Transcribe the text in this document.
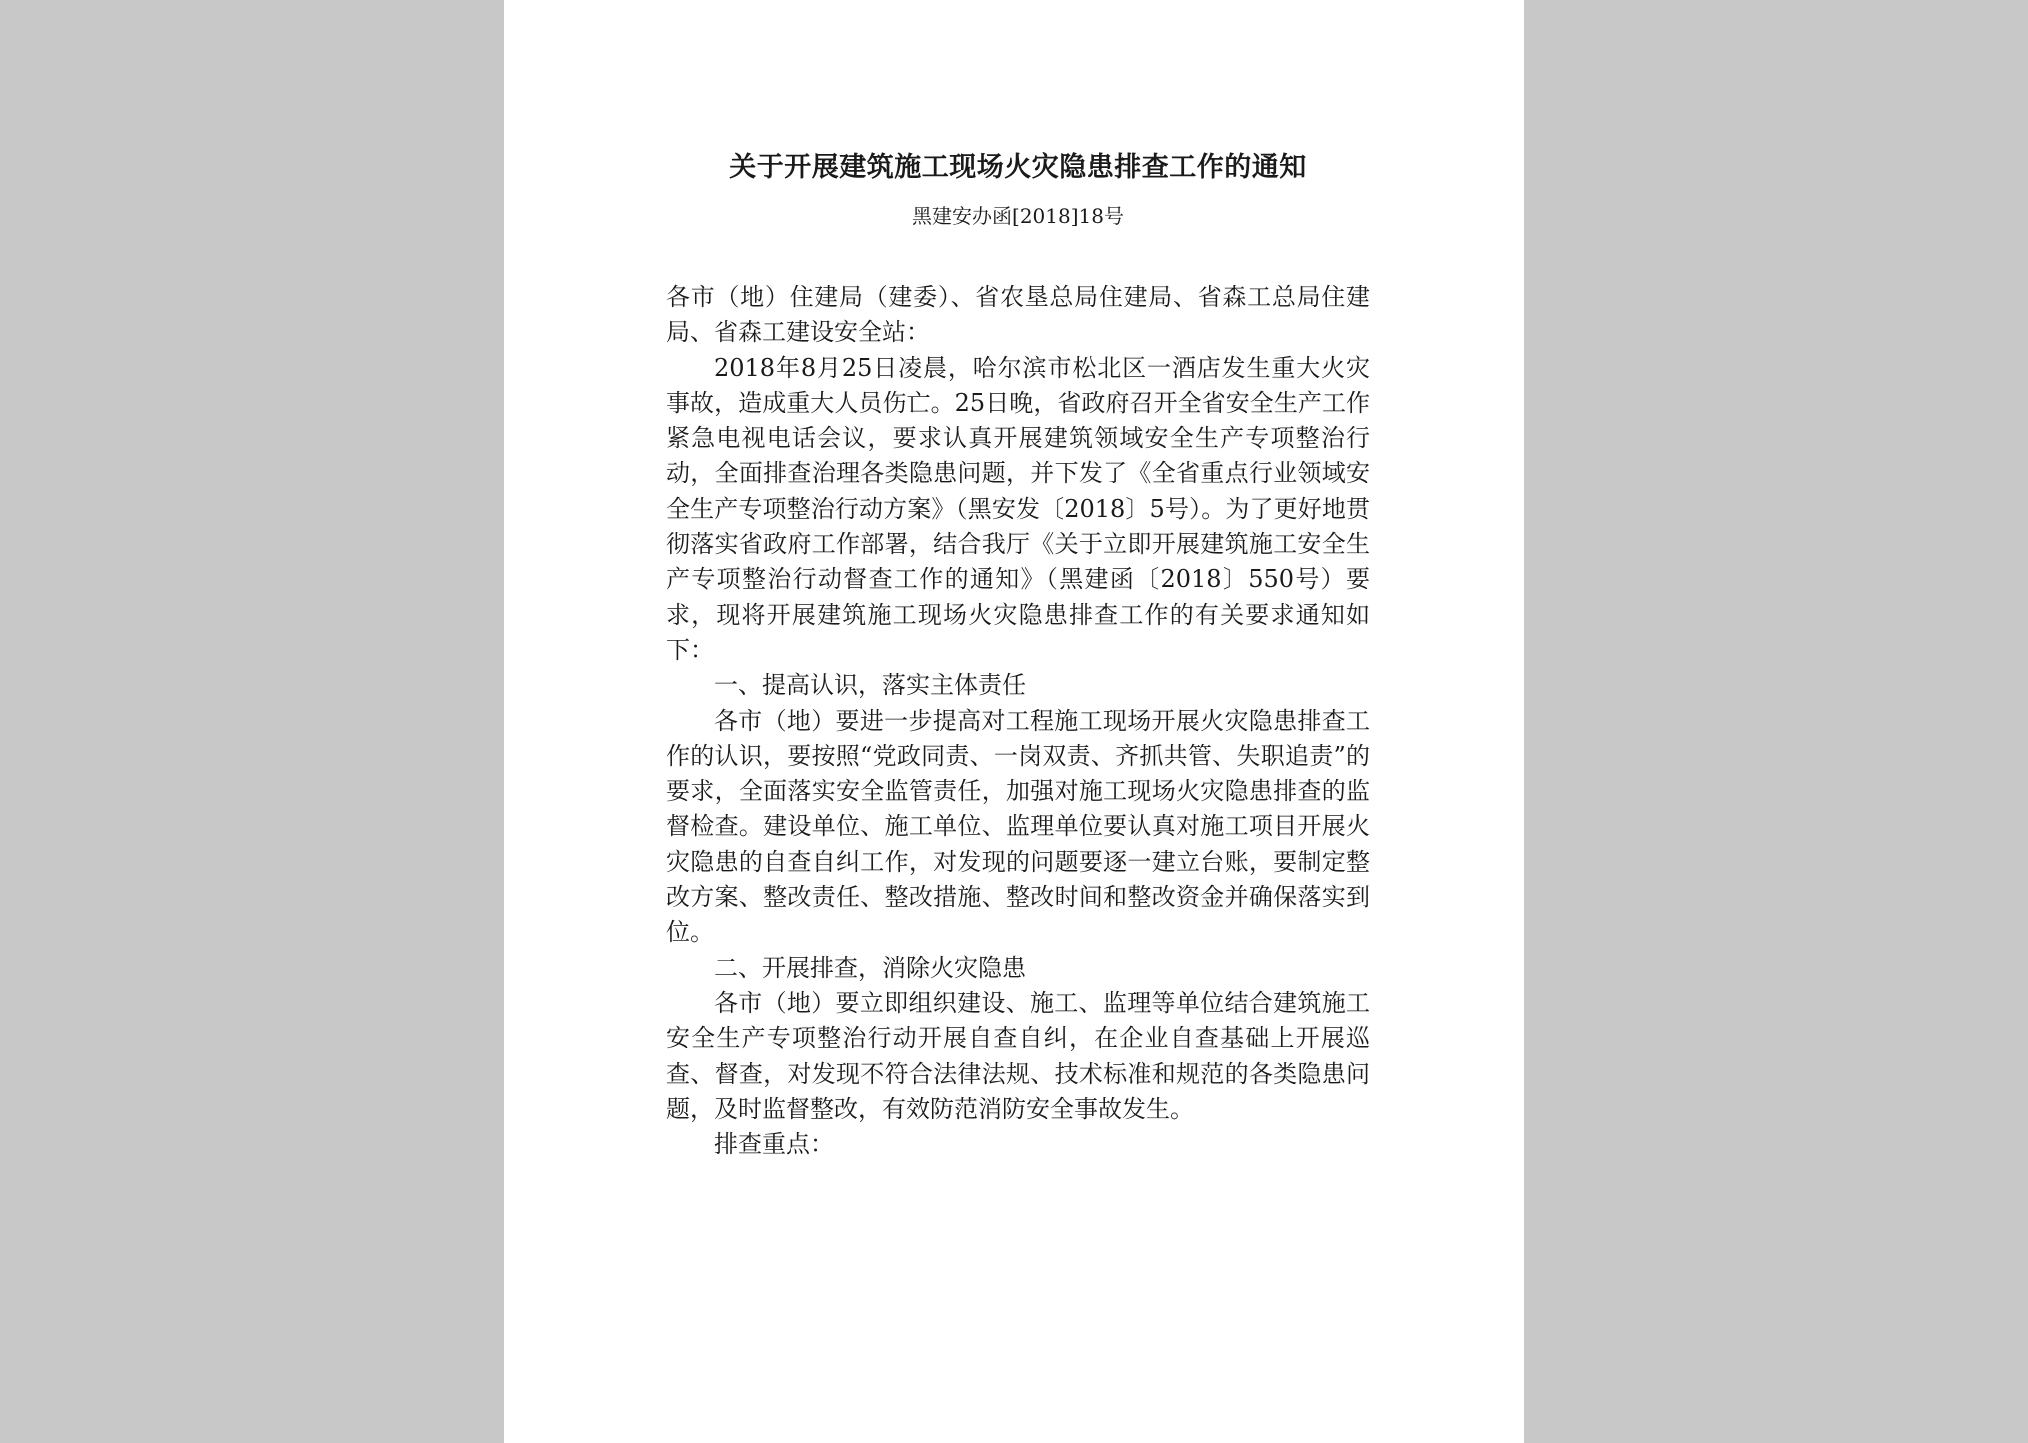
关于开展建筑施工现场火灾隐患排查工作的通知

黑建安办函[2018]18号

各市（地）住建局（建委）、省农垦总局住建局、省森工总局住建局、省森工建设安全站：

2018年8月25日凌晨，哈尔滨市松北区一酒店发生重大火灾事故，造成重大人员伤亡。25日晚，省政府召开全省安全生产工作紧急电视电话会议，要求认真开展建筑领域安全生产专项整治行动，全面排查治理各类隐患问题，并下发了《全省重点行业领域安全生产专项整治行动方案》（黑安发〔2018〕5号）。为了更好地贯彻落实省政府工作部署，结合我厅《关于立即开展建筑施工安全生产专项整治行动督查工作的通知》（黑建函〔2018〕550号）要求，现将开展建筑施工现场火灾隐患排查工作的有关要求通知如下：

一、提高认识，落实主体责任

各市（地）要进一步提高对工程施工现场开展火灾隐患排查工作的认识，要按照“党政同责、一岗双责、齐抓共管、失职追责”的要求，全面落实安全监管责任，加强对施工现场火灾隐患排查的监督检查。建设单位、施工单位、监理单位要认真对施工项目开展火灾隐患的自查自纠工作，对发现的问题要逐一建立台账，要制定整改方案、整改责任、整改措施、整改时间和整改资金并确保落实到位。

二、开展排查，消除火灾隐患

各市（地）要立即组织建设、施工、监理等单位结合建筑施工安全生产专项整治行动开展自查自纠，在企业自查基础上开展巡查、督查，对发现不符合法律法规、技术标准和规范的各类隐患问题，及时监督整改，有效防范消防安全事故发生。

排查重点：
